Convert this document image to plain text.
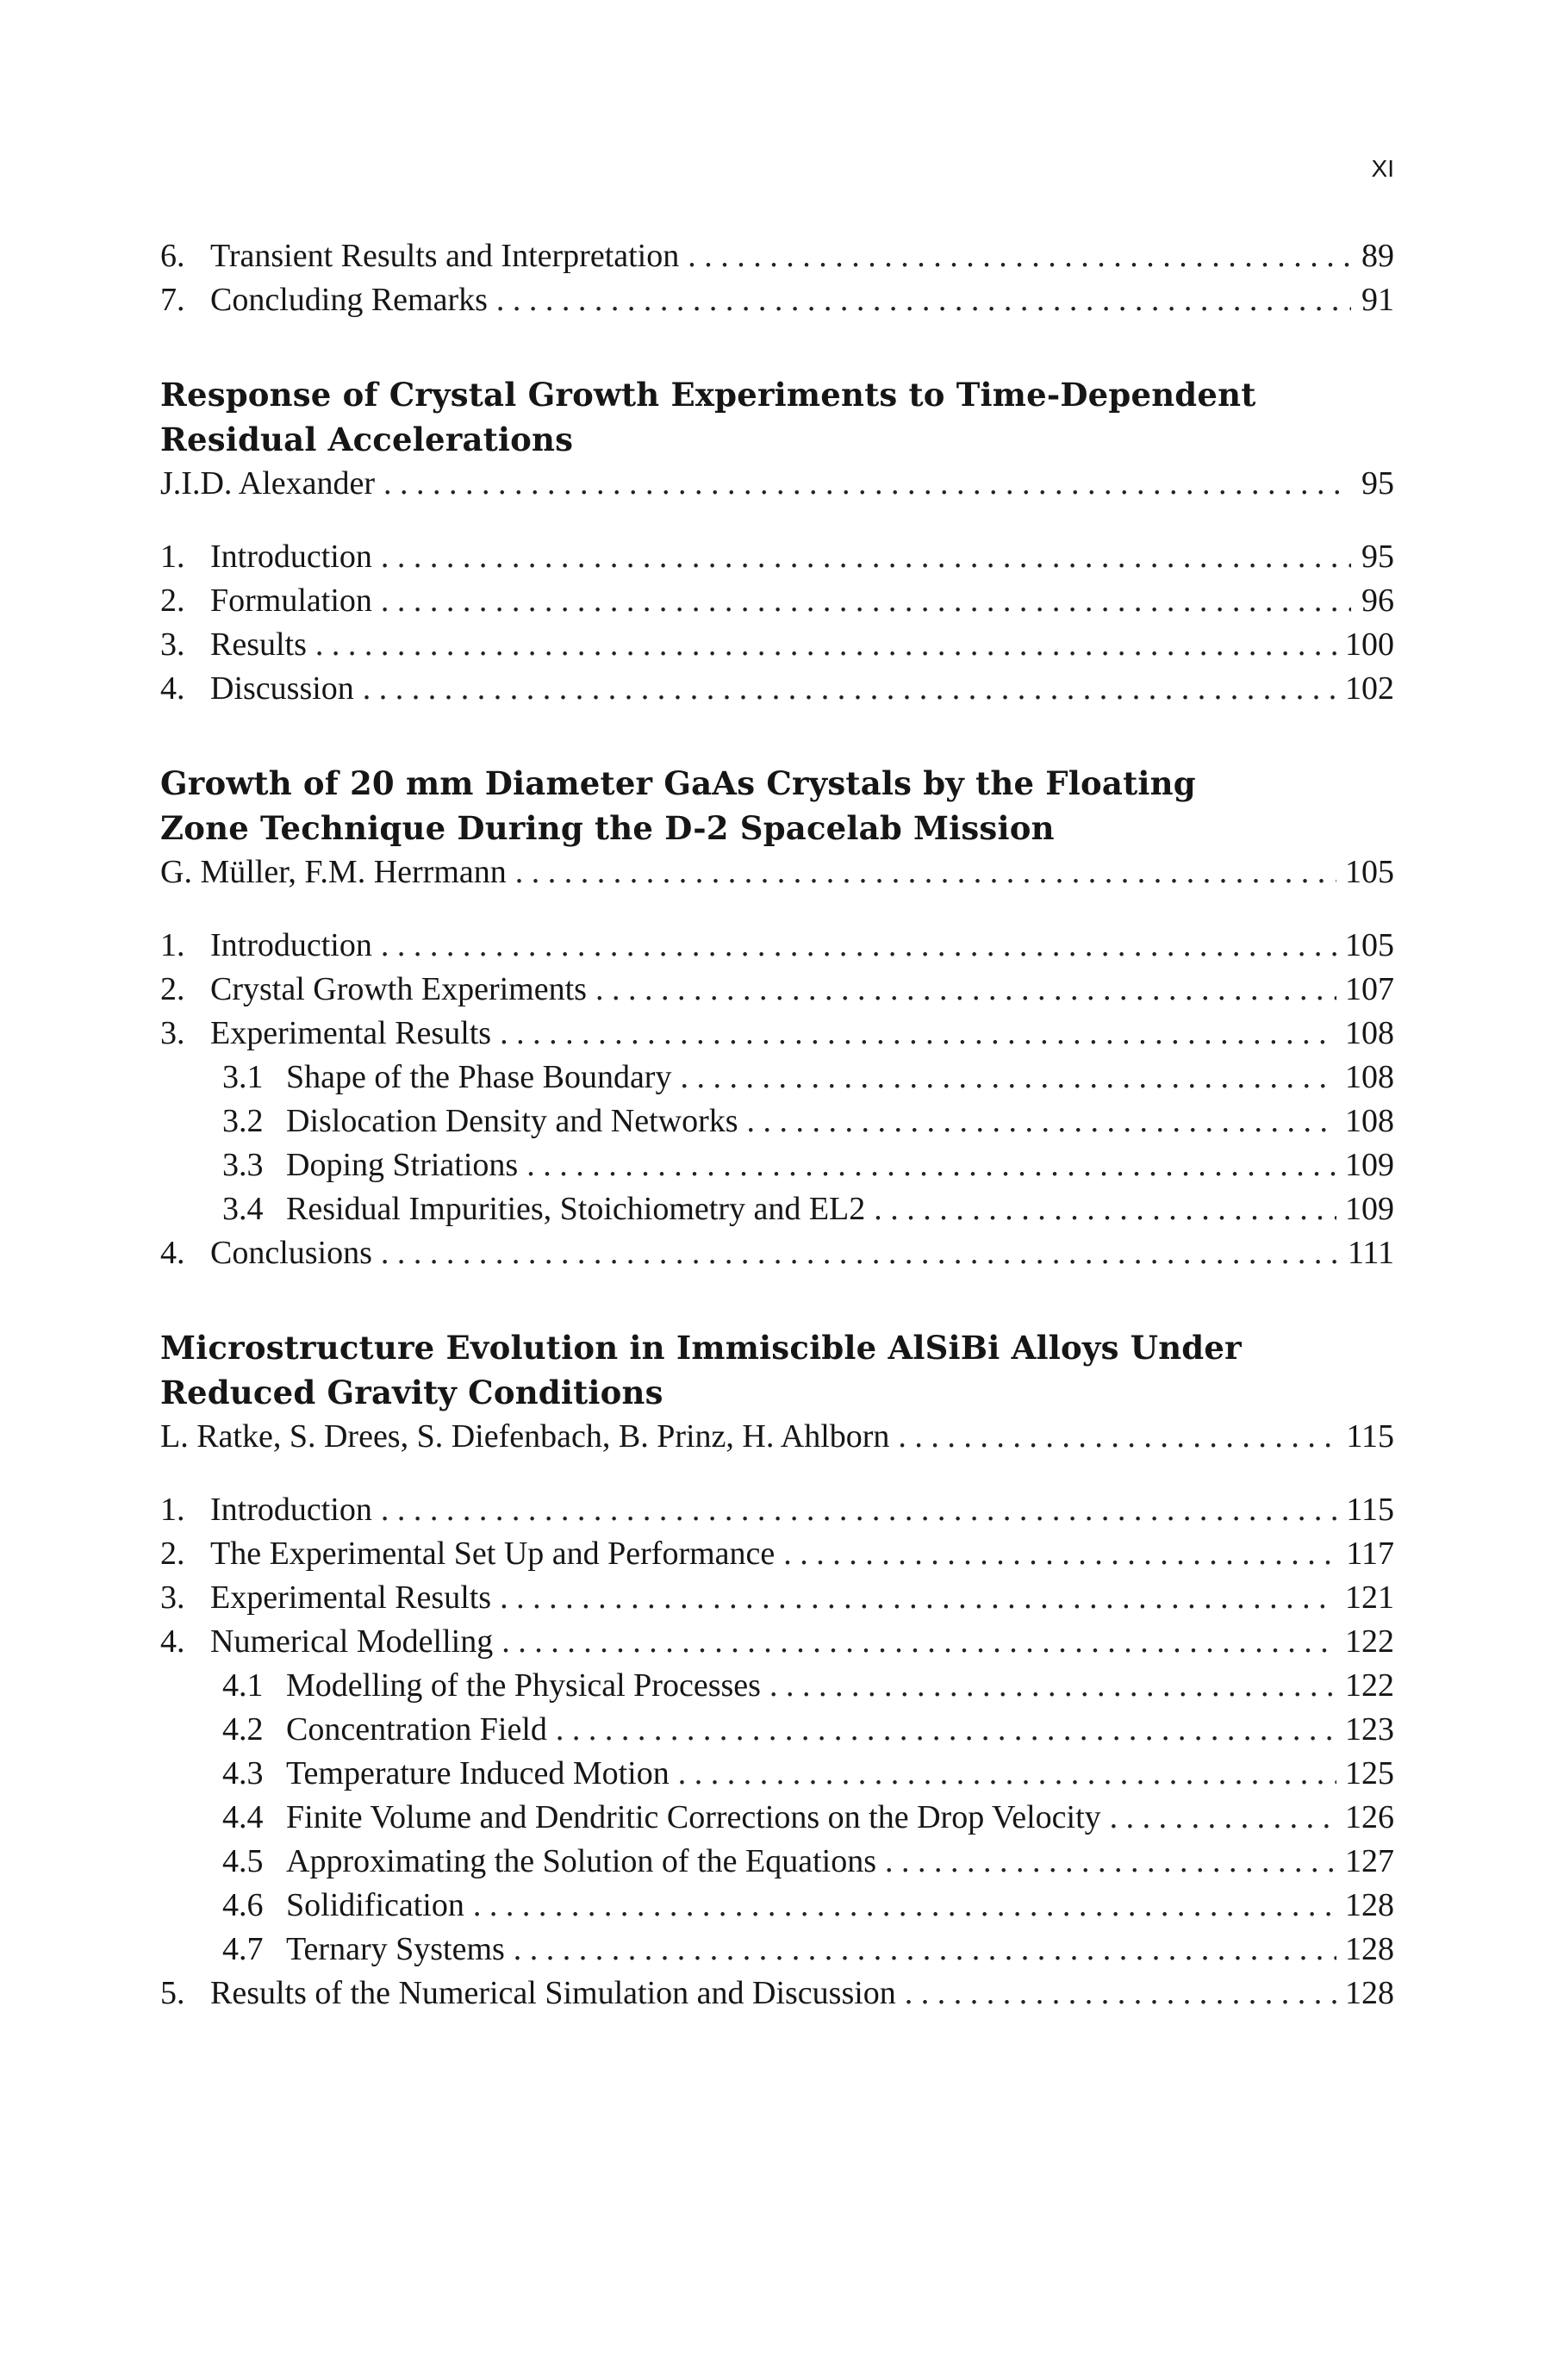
XI
6. Transient Results and Interpretation . . .	89
7. Concluding Remarks . . .	91
Response of Crystal Growth Experiments to Time-Dependent
Residual Accelerations
J.I.D. Alexander . . .	95
1. Introduction . . .	95
2. Formulation . . .	96
3. Results . . .	100
4. Discussion . . .	102
Growth of 20 mm Diameter GaAs Crystals by the Floating
Zone Technique During the D-2 Spacelab Mission
G. Müller, F.M. Herrmann . . .	105
1. Introduction . . .	105
2. Crystal Growth Experiments . . .	107
3. Experimental Results . . .	108
3.1 Shape of the Phase Boundary . . .	108
3.2 Dislocation Density and Networks . . .	108
3.3 Doping Striations . . .	109
3.4 Residual Impurities, Stoichiometry and EL2 . . .	109
4. Conclusions . . .	111
Microstructure Evolution in Immiscible AlSiBi Alloys Under
Reduced Gravity Conditions
L. Ratke, S. Drees, S. Diefenbach, B. Prinz, H. Ahlborn . . .	115
1. Introduction . . .	115
2. The Experimental Set Up and Performance . . .	117
3. Experimental Results . . .	121
4. Numerical Modelling . . .	122
4.1 Modelling of the Physical Processes . . .	122
4.2 Concentration Field . . .	123
4.3 Temperature Induced Motion . . .	125
4.4 Finite Volume and Dendritic Corrections on the Drop Velocity . . .	126
4.5 Approximating the Solution of the Equations . . .	127
4.6 Solidification . . .	128
4.7 Ternary Systems . . .	128
5. Results of the Numerical Simulation and Discussion . . .	128
